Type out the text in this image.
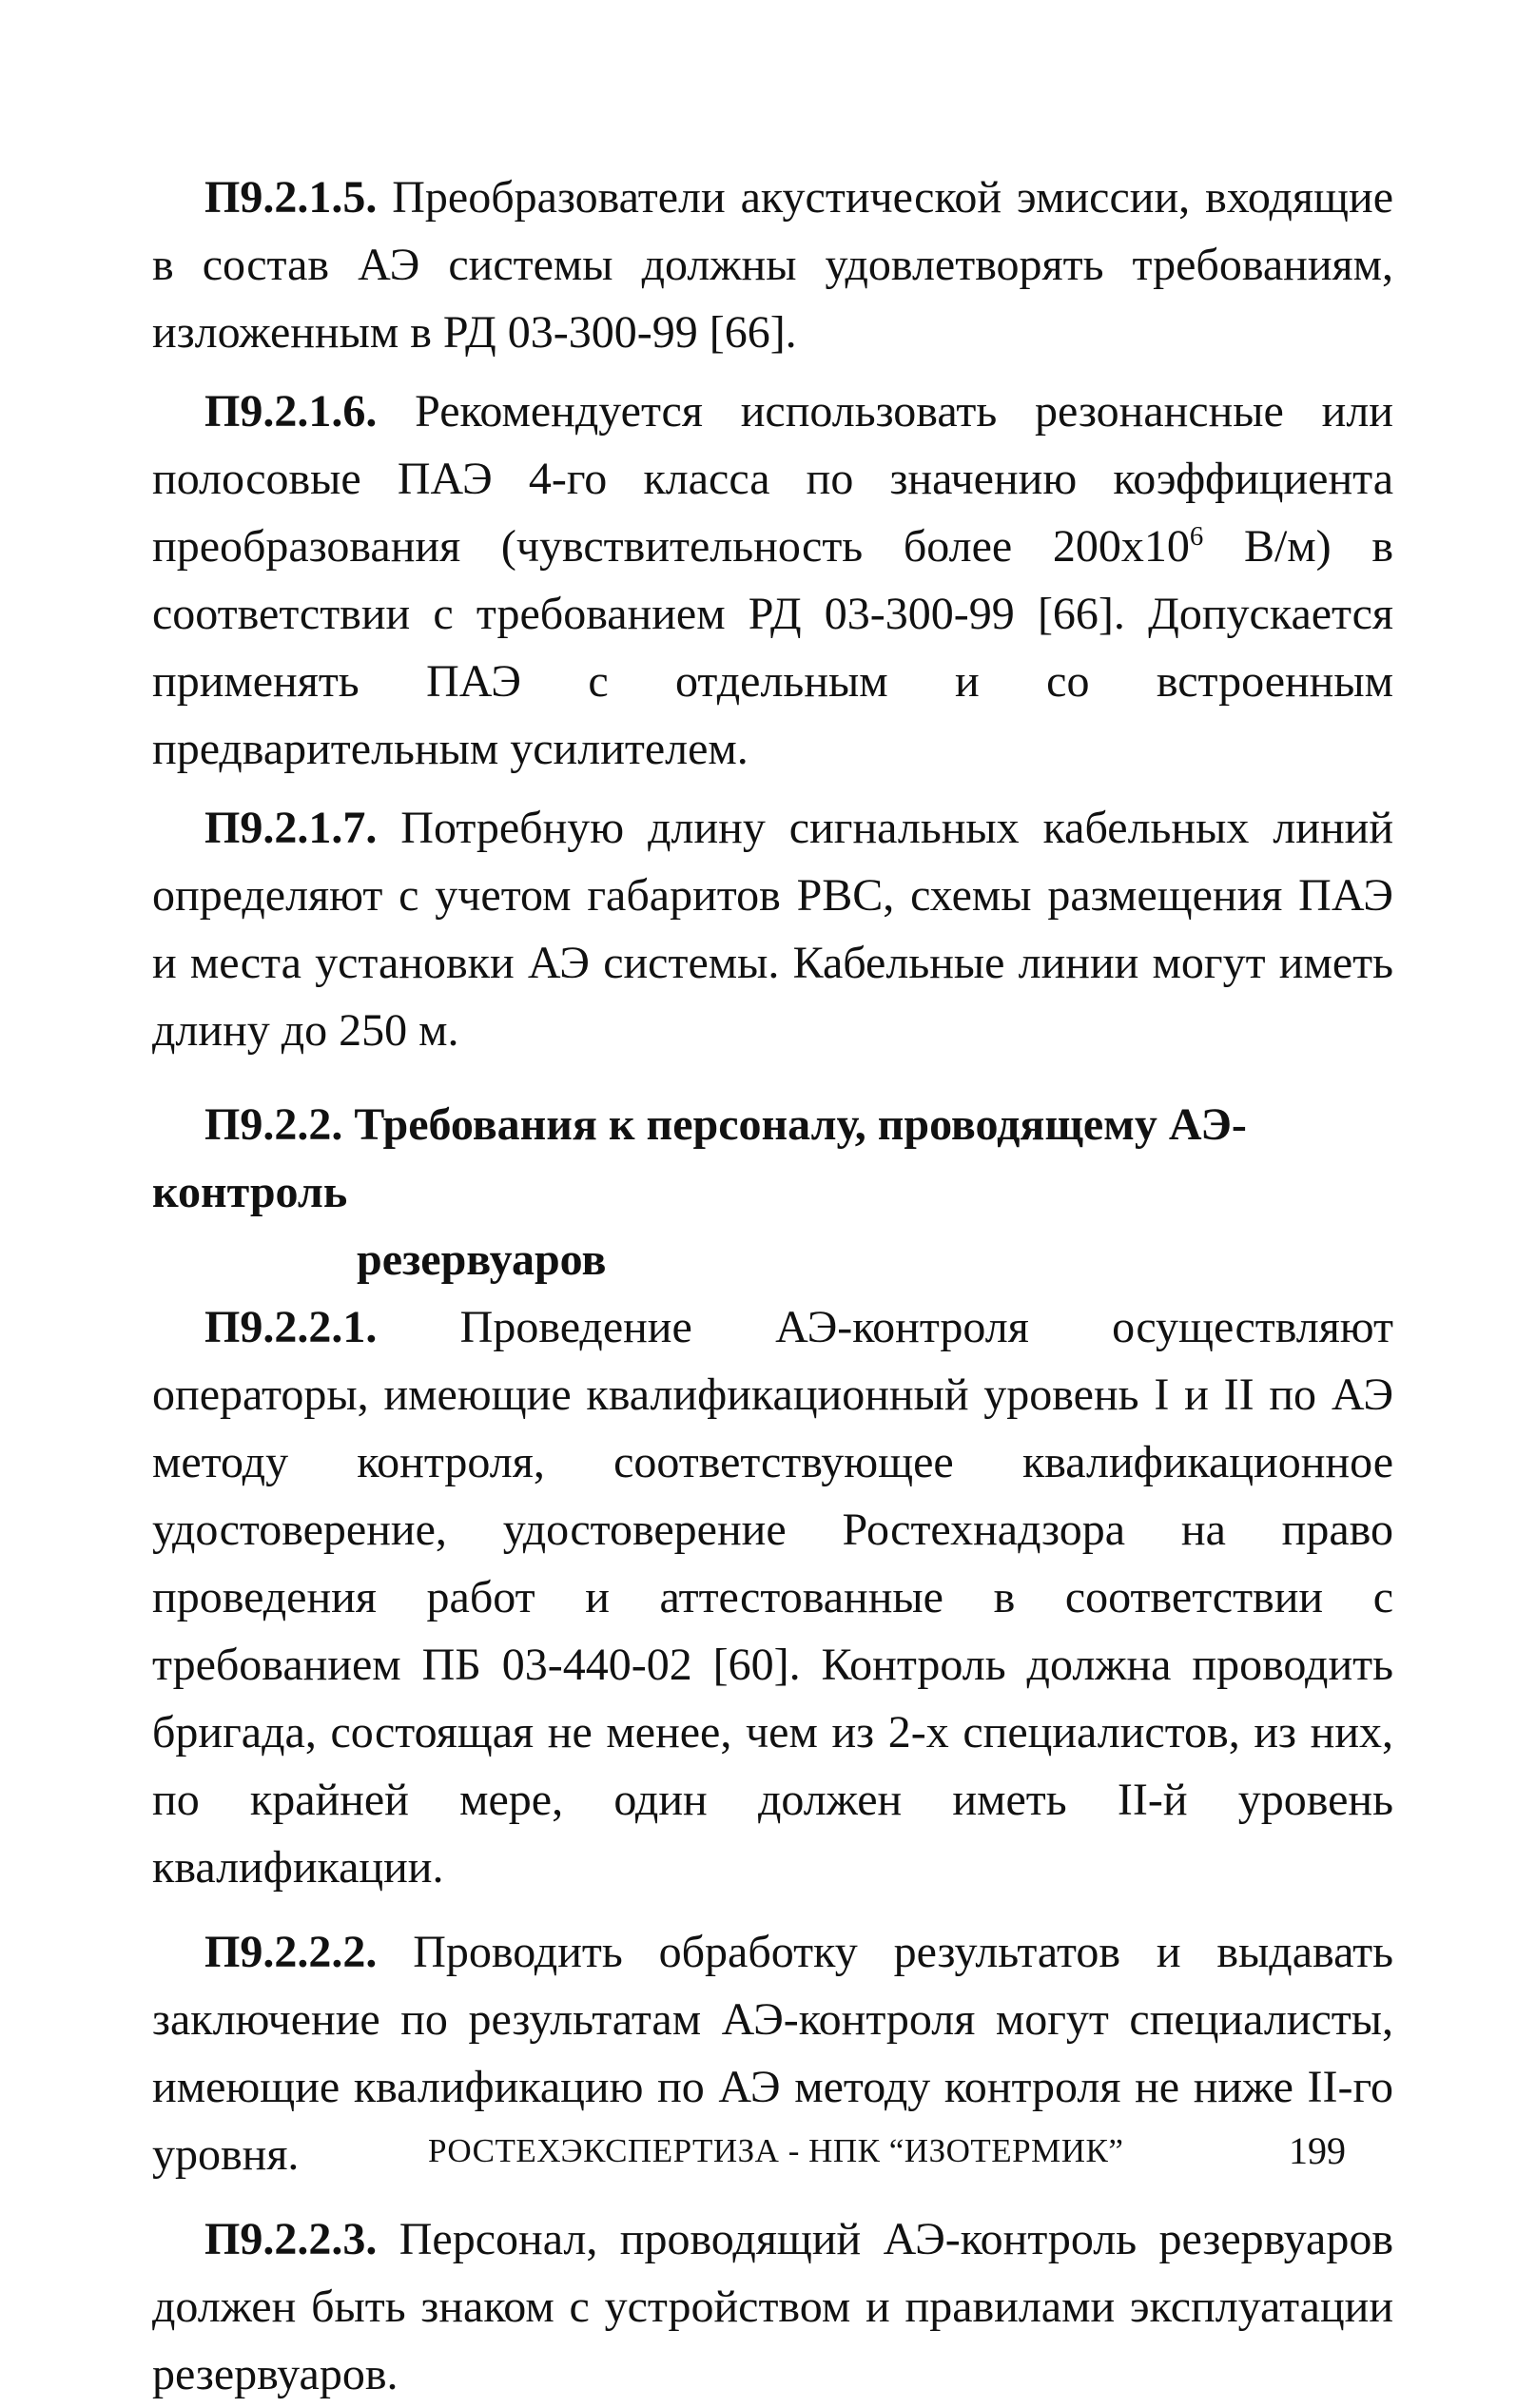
П9.2.1.5. Преобразователи акустической эмиссии, входящие в состав АЭ системы должны удовлетворять требованиям, изложенным в РД 03-300-99 [66].

П9.2.1.6. Рекомендуется использовать резонансные или полосовые ПАЭ 4-го класса по значению коэффициента преобразования (чувствительность более $200х10^6$ В/м) в соответствии с требованием РД 03-300-99 [66]. Допускается применять ПАЭ с отдельным и со встроенным предварительным усилителем.

П9.2.1.7. Потребную длину сигнальных кабельных линий определяют с учетом габаритов РВС, схемы размещения ПАЭ и места установки АЭ системы. Кабельные линии могут иметь длину до 250 м.

П9.2.2. Требования к персоналу, проводящему АЭ-контроль
резервуаров

П9.2.2.1. Проведение АЭ-контроля осуществляют операторы, имеющие квалификационный уровень I и II по АЭ методу контроля, соответствующее квалификационное удостоверение, удостоверение Ростехнадзора на право проведения работ и аттестованные в соответствии с требованием ПБ 03-440-02 [60]. Контроль должна проводить бригада, состоящая не менее, чем из 2-х специалистов, из них, по крайней мере, один должен иметь II-й уровень квалификации.

П9.2.2.2. Проводить обработку результатов и выдавать заключение по результатам АЭ-контроля могут специалисты, имеющие квалификацию по АЭ методу контроля не ниже II-го уровня.

П9.2.2.3. Персонал, проводящий АЭ-контроль резервуаров должен быть знаком с устройством и правилами эксплуатации резервуаров.

РОСТЕХЭКСПЕРТИЗА - НПК “ИЗОТЕРМИК”	199
